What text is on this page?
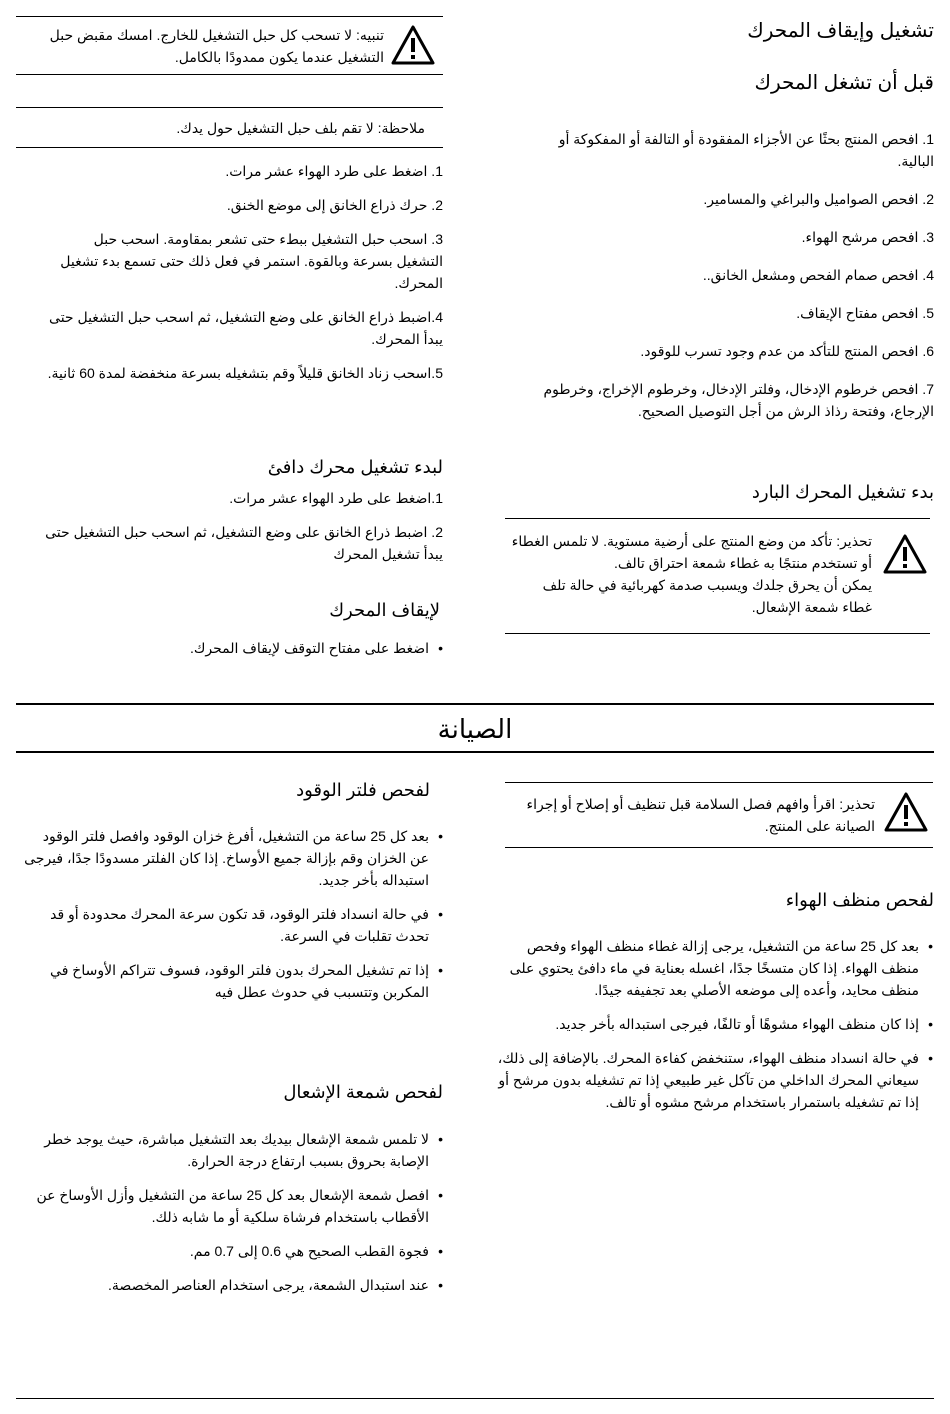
تشغيل وإيقاف المحرك
قبل أن تشغل المحرك
1. افحص المنتج بحثًا عن الأجزاء المفقودة أو التالفة أو المفكوكة أو البالية.
2. افحص الصواميل والبراغي والمسامير.
3. افحص مرشح الهواء.
4. افحص صمام الفحص ومشعل الخانق..
5. افحص مفتاح الإيقاف.
6. افحص المنتج للتأكد من عدم وجود تسرب للوقود.
7. افحص خرطوم الإدخال، وفلتر الإدخال، وخرطوم الإخراج، وخرطوم الإرجاع، وفتحة رذاذ الرش من أجل التوصيل الصحيح.
بدء تشغيل المحرك البارد
تحذير: تأكد من وضع المنتج على أرضية مستوية. لا تلمس الغطاء أو تستخدم منتجًا به غطاء شمعة احتراق تالف.
يمكن أن يحرق جلدك ويسبب صدمة كهربائية في حالة تلف غطاء شمعة الإشعال.
تنبيه: لا تسحب كل حبل التشغيل للخارج. امسك مقبض حبل التشغيل عندما يكون ممدودًا بالكامل.
ملاحظة: لا تقم بلف حبل التشغيل حول يدك.
1. اضغط على طرد الهواء عشر مرات.
2. حرك ذراع الخانق إلى موضع الخنق.
3. اسحب حبل التشغيل ببطء حتى تشعر بمقاومة. اسحب حبل التشغيل بسرعة وبالقوة. استمر في فعل ذلك حتى تسمع بدء تشغيل المحرك.
4.اضبط ذراع الخانق على وضع التشغيل، ثم اسحب حبل التشغيل حتى يبدأ المحرك.
5.اسحب زناد الخانق قليلاً وقم بتشغيله بسرعة منخفضة لمدة 60 ثانية.
لبدء تشغيل محرك دافئ
1.اضغط على طرد الهواء عشر مرات.
2. اضبط ذراع الخانق على وضع التشغيل، ثم اسحب حبل التشغيل حتى يبدأ تشغيل المحرك
لإيقاف المحرك
• اضغط على مفتاح التوقف لإيقاف المحرك.
الصيانة
تحذير: اقرأ وافهم فصل السلامة قبل تنظيف أو إصلاح أو إجراء الصيانة على المنتج.
لفحص منظف الهواء
• بعد كل 25 ساعة من التشغيل، يرجى إزالة غطاء منظف الهواء وفحص منظف الهواء. إذا كان متسخًا جدًا، اغسله بعناية في ماء دافئ يحتوي على منظف محايد، وأعده إلى موضعه الأصلي بعد تجفيفه جيدًا.
• إذا كان منظف الهواء مشوهًا أو تالفًا، فيرجى استبداله بأخر جديد.
• في حالة انسداد منظف الهواء، ستنخفض كفاءة المحرك. بالإضافة إلى ذلك، سيعاني المحرك الداخلي من تآكل غير طبيعي إذا تم تشغيله بدون مرشح أو إذا تم تشغيله باستمرار باستخدام مرشح مشوه أو تالف.
لفحص فلتر الوقود
• بعد كل 25 ساعة من التشغيل، أفرغ خزان الوقود وافصل فلتر الوقود عن الخزان وقم بإزالة جميع الأوساخ. إذا كان الفلتر مسدودًا جدًا، فيرجى استبداله بأخر جديد.
• في حالة انسداد فلتر الوقود، قد تكون سرعة المحرك محدودة أو قد تحدث تقلبات في السرعة.
• إذا تم تشغيل المحرك بدون فلتر الوقود، فسوف تتراكم الأوساخ في المكربن وتتسبب في حدوث عطل فيه
لفحص شمعة الإشعال
• لا تلمس شمعة الإشعال بيديك بعد التشغيل مباشرة، حيث يوجد خطر الإصابة بحروق بسبب ارتفاع درجة الحرارة.
• افصل شمعة الإشعال بعد كل 25 ساعة من التشغيل وأزل الأوساخ عن الأقطاب باستخدام فرشاة سلكية أو ما شابه ذلك.
• فجوة القطب الصحيح هي 0.6 إلى 0.7 مم.
• عند استبدال الشمعة، يرجى استخدام العناصر المخصصة.
